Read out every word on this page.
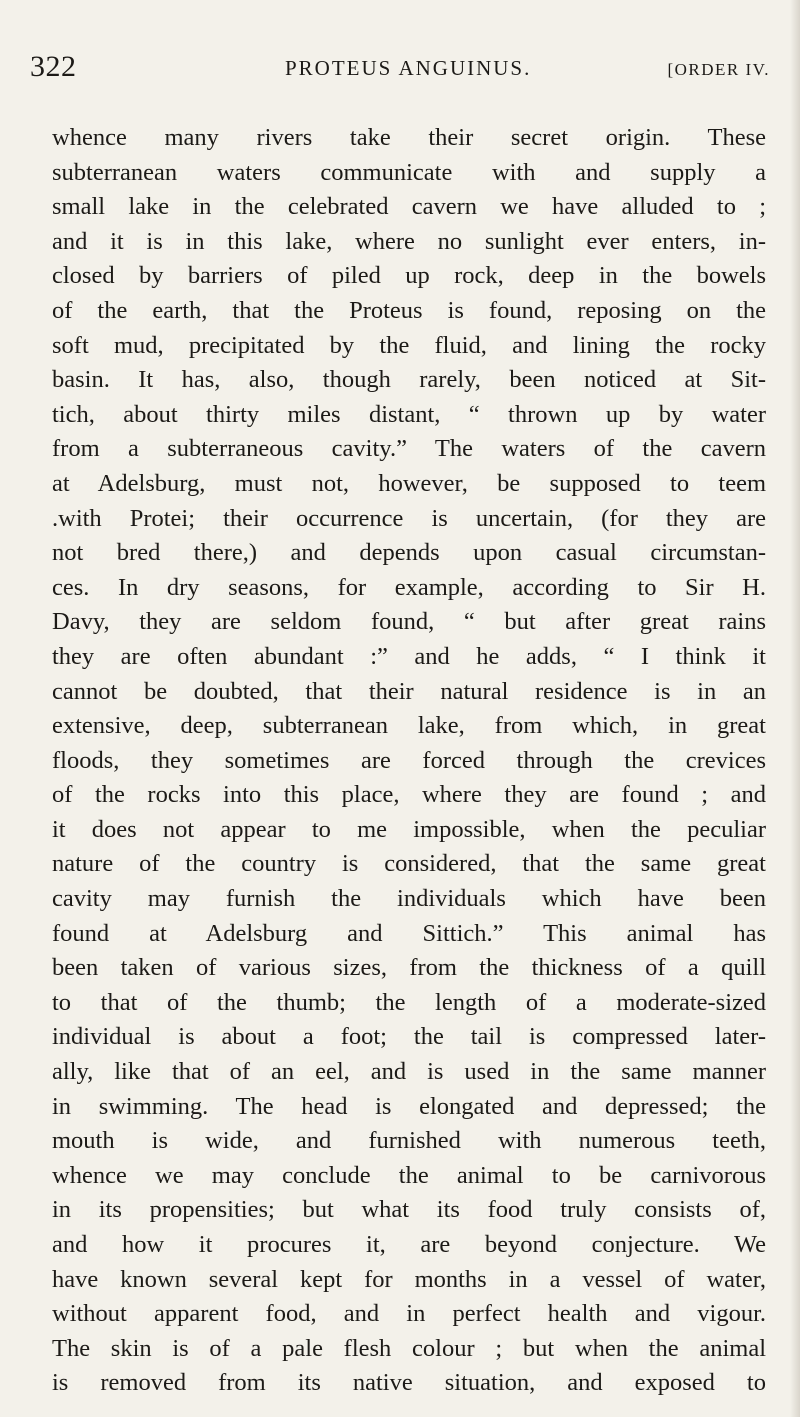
322	PROTEUS ANGUINUS.	[ORDER IV.
whence many rivers take their secret origin. These
subterranean waters communicate with and supply a
small lake in the celebrated cavern we have alluded to ;
and it is in this lake, where no sunlight ever enters, in-
closed by barriers of piled up rock, deep in the bowels
of the earth, that the Proteus is found, reposing on the
soft mud, precipitated by the fluid, and lining the rocky
basin. It has, also, though rarely, been noticed at Sit-
tich, about thirty miles distant, “ thrown up by water
from a subterraneous cavity.” The waters of the cavern
at Adelsburg, must not, however, be supposed to teem
.with Protei; their occurrence is uncertain, (for they are
not bred there,) and depends upon casual circumstan-
ces. In dry seasons, for example, according to Sir H.
Davy, they are seldom found, “ but after great rains
they are often abundant :” and he adds, “ I think it
cannot be doubted, that their natural residence is in an
extensive, deep, subterranean lake, from which, in great
floods, they sometimes are forced through the crevices
of the rocks into this place, where they are found ; and
it does not appear to me impossible, when the peculiar
nature of the country is considered, that the same great
cavity may furnish the individuals which have been
found at Adelsburg and Sittich.” This animal has
been taken of various sizes, from the thickness of a quill
to that of the thumb; the length of a moderate-sized
individual is about a foot; the tail is compressed later-
ally, like that of an eel, and is used in the same manner
in swimming. The head is elongated and depressed; the
mouth is wide, and furnished with numerous teeth,
whence we may conclude the animal to be carnivorous
in its propensities; but what its food truly consists of,
and how it procures it, are beyond conjecture. We
have known several kept for months in a vessel of water,
without apparent food, and in perfect health and vigour.
The skin is of a pale flesh colour ; but when the animal
is removed from its native situation, and exposed to
